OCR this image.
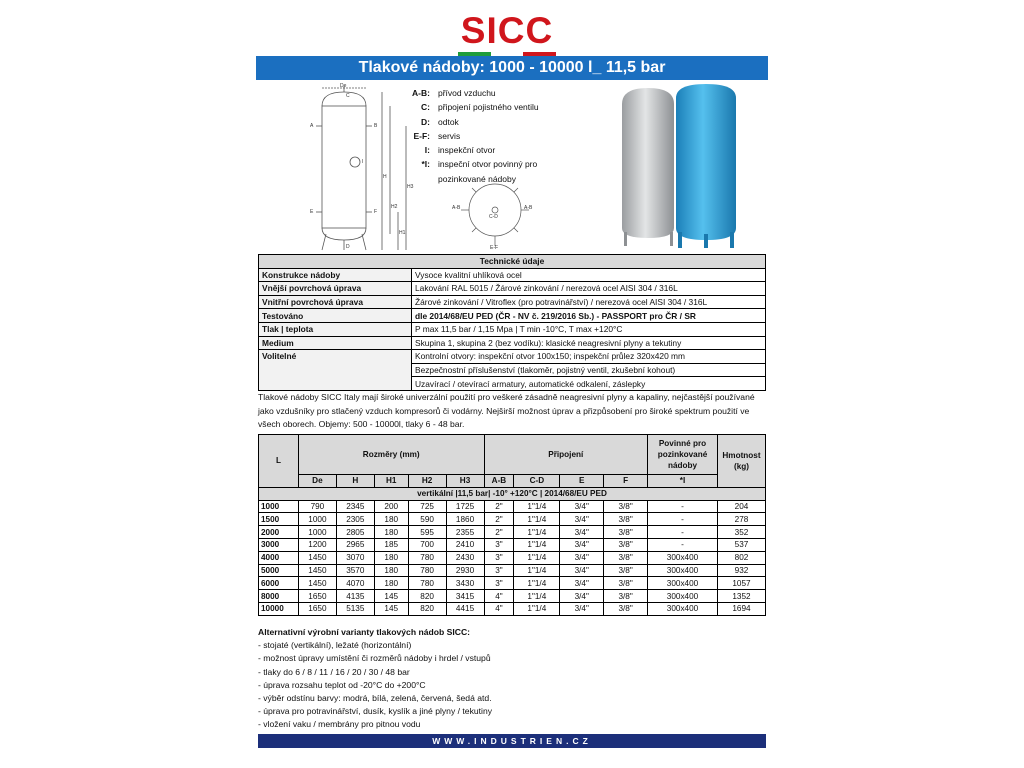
SICC
Tlakové nádoby: 1000 - 10000 l_ 11,5 bar
De
C
A	B
I
E	F
D
H
H1
H2
H3
A-B: přívod vzduchu
C: připojení pojistného ventilu
D: odtok
E-F: servis
I: inspekční otvor
*I: inspeční otvor povinný pro
pozinkované nádoby
A-B	A-B
C-D
E-F
Technické údaje	
Konstrukce nádoby	Vysoce kvalitní uhlíková ocel
Vnější povrchová úprava	Lakování RAL 5015 / Žárové zinkování / nerezová ocel AISI 304 / 316L
Vnitřní povrchová úprava	Žárové zinkování / Vitroflex (pro potravinářství) / nerezová ocel AISI 304 / 316L
Testováno	dle 2014/68/EU PED (ČR - NV č. 219/2016 Sb.) - PASSPORT pro ČR / SR
Tlak | teplota	P max 11,5 bar / 1,15 Mpa | T min -10°C, T max +120°C
Medium	Skupina 1, skupina 2 (bez vodíku): klasické neagresivní plyny a tekutiny
Volitelné	Kontrolní otvory: inspekční otvor 100x150; inspekční průlez 320x420 mm
	Bezpečnostní příslušenství (tlakoměr, pojistný ventil, zkušební kohout)
	Uzavírací / otevírací armatury, automatické odkalení, záslepky
Tlakové nádoby SICC Italy mají široké univerzální použití pro veškeré zásadně neagresivní plyny a kapaliny, nejčastější používané jako vzdušníky pro stlačený vzduch kompresorů či vodárny. Nejširší možnost úprav a přizpůsobení pro široké spektrum použití ve všech oborech. Objemy: 500 - 10000l, tlaky 6 - 48 bar.
L	Rozměry (mm)					Připojení				Povinné pro pozinkované nádoby	Hmotnost (kg)
	De	H	H1	H2	H3	A-B	C-D	E	F	*I	
vertikální |11,5 bar| -10° +120°C | 2014/68/EU PED											
1000	790	2345	200	725	1725	2"	1"1/4	3/4"	3/8"	-	204
1500	1000	2305	180	590	1860	2"	1"1/4	3/4"	3/8"	-	278
2000	1000	2805	180	595	2355	2"	1"1/4	3/4"	3/8"	-	352
3000	1200	2965	185	700	2410	3"	1"1/4	3/4"	3/8"	-	537
4000	1450	3070	180	780	2430	3"	1"1/4	3/4"	3/8"	300x400	802
5000	1450	3570	180	780	2930	3"	1"1/4	3/4"	3/8"	300x400	932
6000	1450	4070	180	780	3430	3"	1"1/4	3/4"	3/8"	300x400	1057
8000	1650	4135	145	820	3415	4"	1"1/4	3/4"	3/8"	300x400	1352
10000	1650	5135	145	820	4415	4"	1"1/4	3/4"	3/8"	300x400	1694
Alternativní výrobní varianty tlakových nádob SICC:
- stojaté (vertikální), ležaté (horizontální)
- možnost úpravy umístění či rozměrů nádoby i hrdel / vstupů
- tlaky do 6 / 8 / 11 / 16 / 20 / 30 / 48 bar
- úprava rozsahu teplot od -20°C do +200°C
- výběr odstínu barvy: modrá, bílá, zelená, červená, šedá atd.
- úprava pro potravinářství, dusík, kyslík a jiné plyny / tekutiny
- vložení vaku / membrány pro pitnou vodu
WWW.INDUSTRIEN.CZ
